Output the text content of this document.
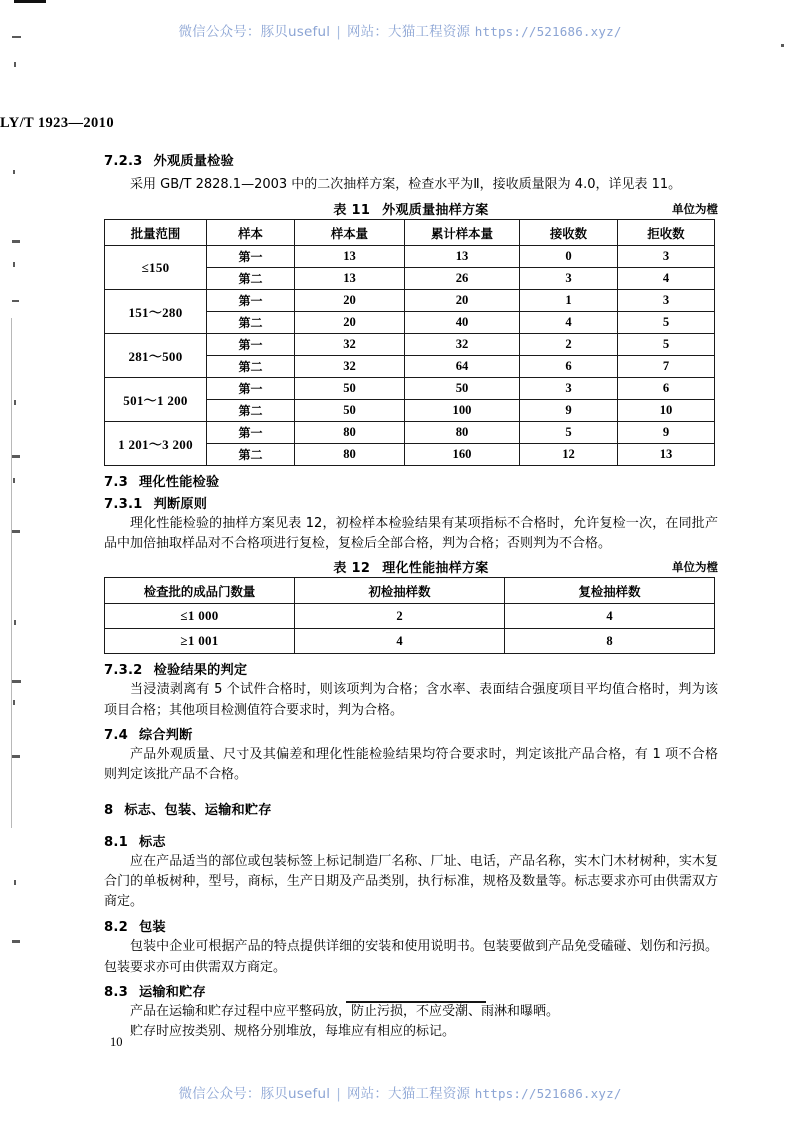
微信公众号：豚贝useful | 网站：大猫工程资源 https://521686.xyz/
微信公众号：豚贝useful | 网站：大猫工程资源 https://521686.xyz/
LY/T 1923—2010
7.2.3 外观质量检验
采用 GB/T 2828.1—2003 中的二次抽样方案，检查水平为Ⅱ，接收质量限为 4.0，详见表 11。
表 11 外观质量抽样方案	单位为樘
批量范围	样本	样本量	累计样本量	接收数	拒收数
≤150	第一	13	13	0	3
	第二	13	26	3	4
151～280	第一	20	20	1	3
	第二	20	40	4	5
281～500	第一	32	32	2	5
	第二	32	64	6	7
501～1 200	第一	50	50	3	6
	第二	50	100	9	10
1 201～3 200	第一	80	80	5	9
	第二	80	160	12	13
7.3 理化性能检验
7.3.1 判断原则
理化性能检验的抽样方案见表 12，初检样本检验结果有某项指标不合格时，允许复检一次，在同批产品中加倍抽取样品对不合格项进行复检，复检后全部合格，判为合格；否则判为不合格。
表 12 理化性能抽样方案	单位为樘
检查批的成品门数量	初检抽样数	复检抽样数
≤1 000	2	4
≥1 001	4	8
7.3.2 检验结果的判定
当浸渍剥离有 5 个试件合格时，则该项判为合格；含水率、表面结合强度项目平均值合格时，判为该项目合格；其他项目检测值符合要求时，判为合格。
7.4 综合判断
产品外观质量、尺寸及其偏差和理化性能检验结果均符合要求时，判定该批产品合格，有 1 项不合格则判定该批产品不合格。
8 标志、包装、运输和贮存
8.1 标志
应在产品适当的部位或包装标签上标记制造厂名称、厂址、电话，产品名称，实木门木材树种，实木复合门的单板树种，型号，商标，生产日期及产品类别，执行标准，规格及数量等。标志要求亦可由供需双方商定。
8.2 包装
包装中企业可根据产品的特点提供详细的安装和使用说明书。包装要做到产品免受磕碰、划伤和污损。包装要求亦可由供需双方商定。
8.3 运输和贮存
产品在运输和贮存过程中应平整码放，防止污损，不应受潮、雨淋和曝晒。
贮存时应按类别、规格分别堆放，每堆应有相应的标记。
10
